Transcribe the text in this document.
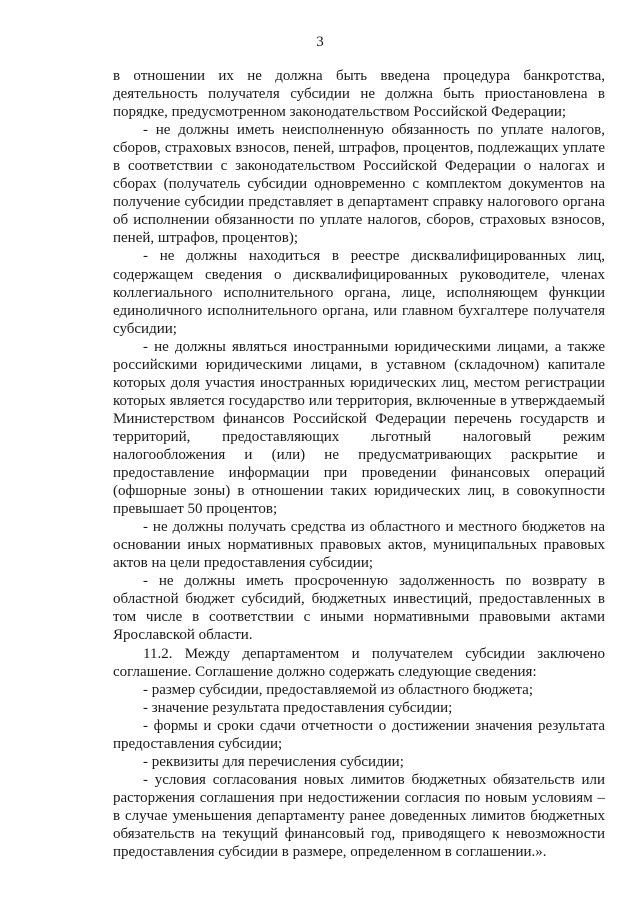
3

в отношении их не должна быть введена процедура банкротства, деятельность получателя субсидии не должна быть приостановлена в порядке, предусмотренном законодательством Российской Федерации;

- не должны иметь неисполненную обязанность по уплате налогов, сборов, страховых взносов, пеней, штрафов, процентов, подлежащих уплате в соответствии с законодательством Российской Федерации о налогах и сборах (получатель субсидии одновременно с комплектом документов на получение субсидии представляет в департамент справку налогового органа об исполнении обязанности по уплате налогов, сборов, страховых взносов, пеней, штрафов, процентов);

- не должны находиться в реестре дисквалифицированных лиц, содержащем сведения о дисквалифицированных руководителе, членах коллегиального исполнительного органа, лице, исполняющем функции единоличного исполнительного органа, или главном бухгалтере получателя субсидии;

- не должны являться иностранными юридическими лицами, а также российскими юридическими лицами, в уставном (складочном) капитале которых доля участия иностранных юридических лиц, местом регистрации которых является государство или территория, включенные в утверждаемый Министерством финансов Российской Федерации перечень государств и территорий, предоставляющих льготный налоговый режим налогообложения и (или) не предусматривающих раскрытие и предоставление информации при проведении финансовых операций (офшорные зоны) в отношении таких юридических лиц, в совокупности превышает 50 процентов;

- не должны получать средства из областного и местного бюджетов на основании иных нормативных правовых актов, муниципальных правовых актов на цели предоставления субсидии;

- не должны иметь просроченную задолженность по возврату в областной бюджет субсидий, бюджетных инвестиций, предоставленных в том числе в соответствии с иными нормативными правовыми актами Ярославской области.

11.2. Между департаментом и получателем субсидии заключено соглашение. Соглашение должно содержать следующие сведения:

- размер субсидии, предоставляемой из областного бюджета;

- значение результата предоставления субсидии;

- формы и сроки сдачи отчетности о достижении значения результата предоставления субсидии;

- реквизиты для перечисления субсидии;

- условия согласования новых лимитов бюджетных обязательств или расторжения соглашения при недостижении согласия по новым условиям – в случае уменьшения департаменту ранее доведенных лимитов бюджетных обязательств на текущий финансовый год, приводящего к невозможности предоставления субсидии в размере, определенном в соглашении.».
